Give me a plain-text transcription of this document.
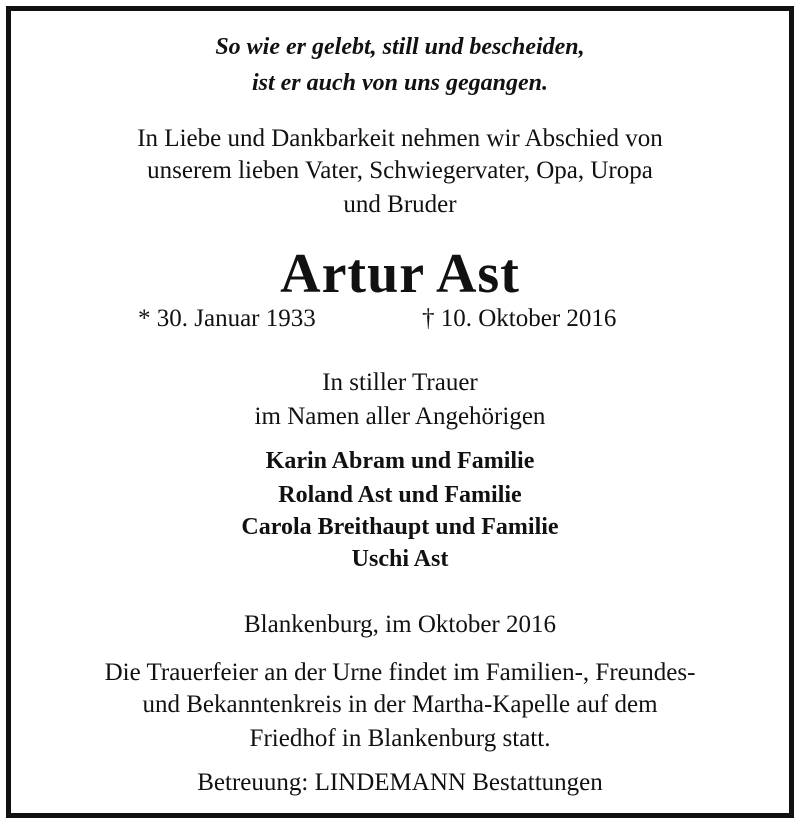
So wie er gelebt, still und bescheiden,
ist er auch von uns gegangen.
In Liebe und Dankbarkeit nehmen wir Abschied von
unserem lieben Vater, Schwiegervater, Opa, Uropa
und Bruder
Artur Ast
* 30. Januar 1933	† 10. Oktober 2016
In stiller Trauer
im Namen aller Angehörigen
Karin Abram und Familie
Roland Ast und Familie
Carola Breithaupt und Familie
Uschi Ast
Blankenburg, im Oktober 2016
Die Trauerfeier an der Urne findet im Familien-, Freundes-
und Bekanntenkreis in der Martha-Kapelle auf dem
Friedhof in Blankenburg statt.
Betreuung: LINDEMANN Bestattungen
